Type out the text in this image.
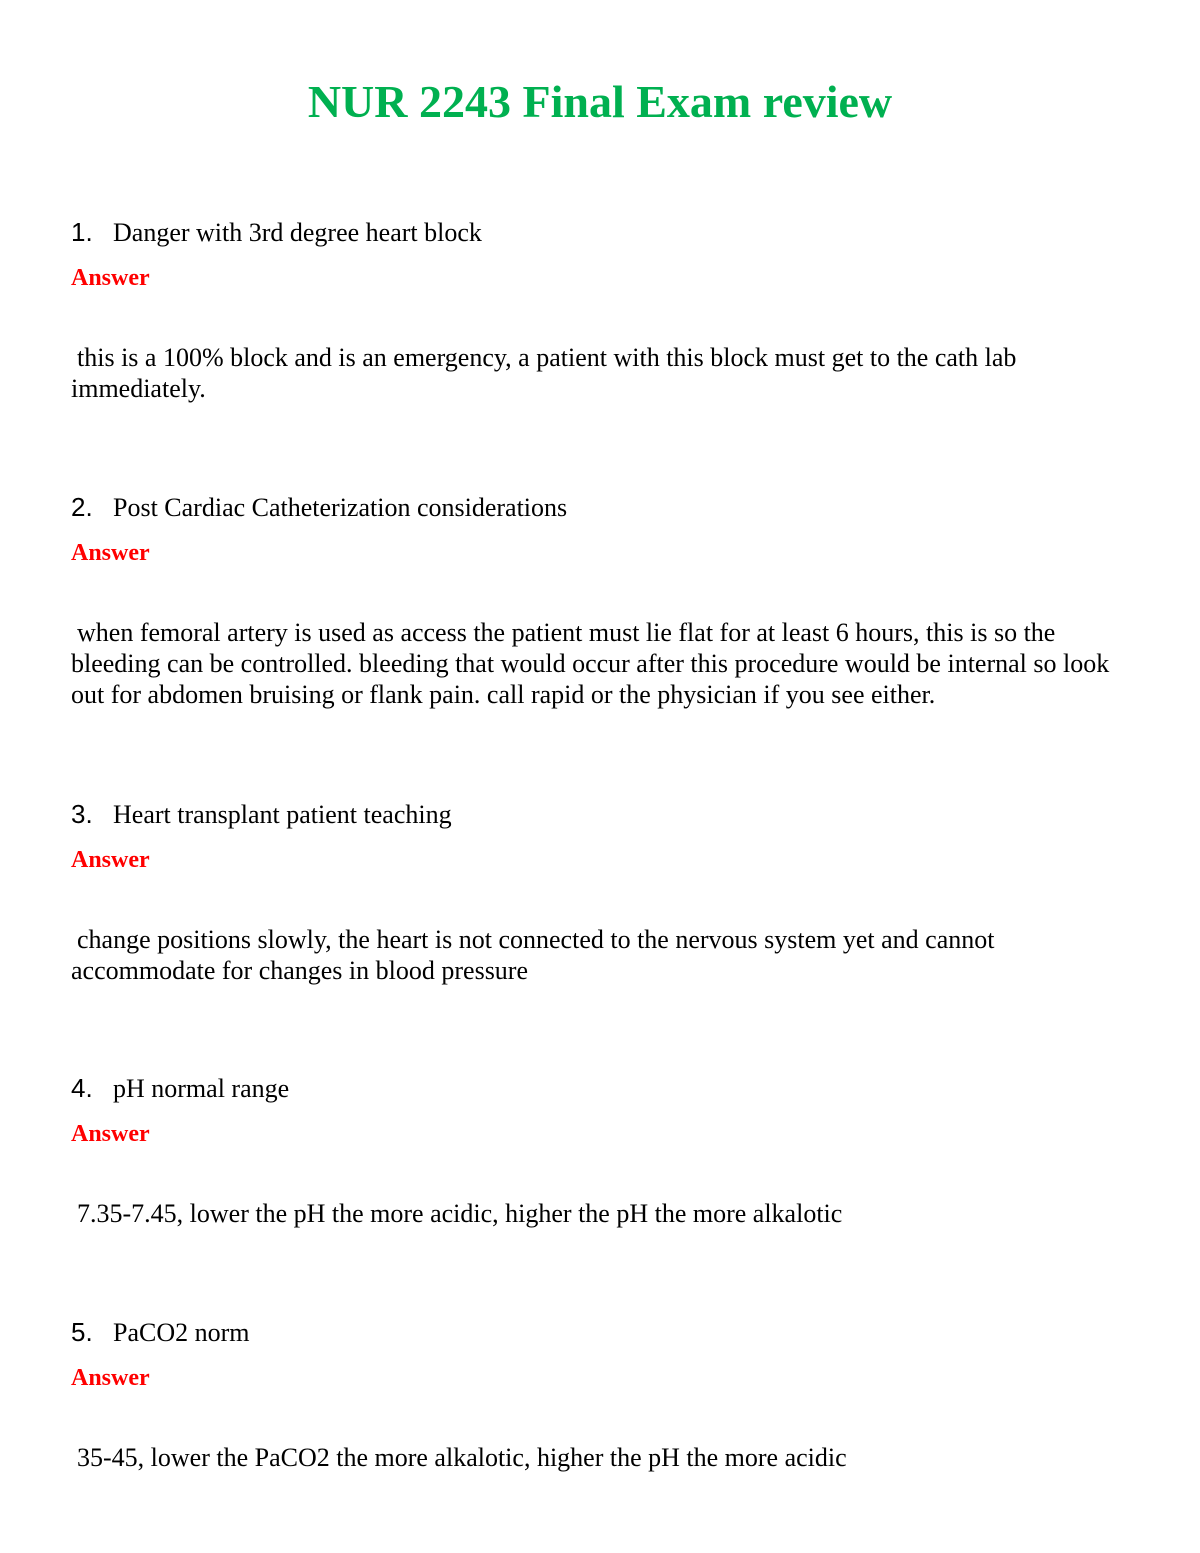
NUR 2243 Final Exam review
1. Danger with 3rd degree heart block
Answer
this is a 100% block and is an emergency, a patient with this block must get to the cath lab immediately.
2. Post Cardiac Catheterization considerations
Answer
when femoral artery is used as access the patient must lie flat for at least 6 hours, this is so the bleeding can be controlled. bleeding that would occur after this procedure would be internal so look out for abdomen bruising or flank pain. call rapid or the physician if you see either.
3. Heart transplant patient teaching
Answer
change positions slowly, the heart is not connected to the nervous system yet and cannot accommodate for changes in blood pressure
4. pH normal range
Answer
7.35-7.45, lower the pH the more acidic, higher the pH the more alkalotic
5. PaCO2 norm
Answer
35-45, lower the PaCO2 the more alkalotic, higher the pH the more acidic
